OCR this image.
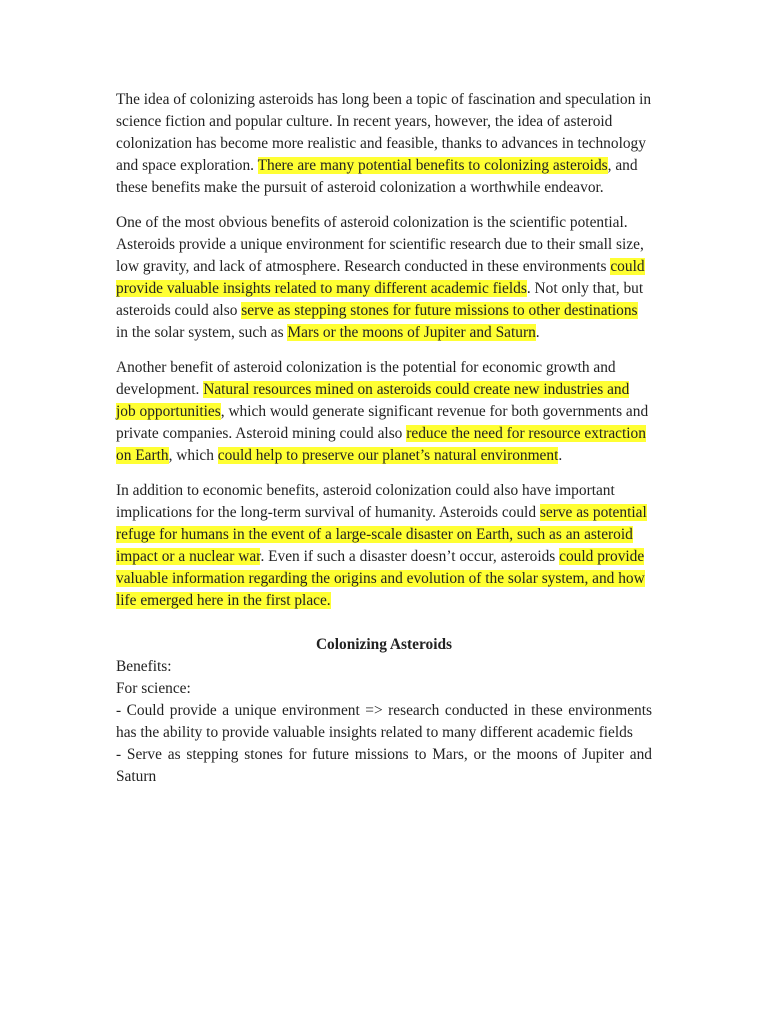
The idea of colonizing asteroids has long been a topic of fascination and speculation in science fiction and popular culture. In recent years, however, the idea of asteroid colonization has become more realistic and feasible, thanks to advances in technology and space exploration. There are many potential benefits to colonizing asteroids, and these benefits make the pursuit of asteroid colonization a worthwhile endeavor.

One of the most obvious benefits of asteroid colonization is the scientific potential. Asteroids provide a unique environment for scientific research due to their small size, low gravity, and lack of atmosphere. Research conducted in these environments could provide valuable insights related to many different academic fields. Not only that, but asteroids could also serve as stepping stones for future missions to other destinations in the solar system, such as Mars or the moons of Jupiter and Saturn.

Another benefit of asteroid colonization is the potential for economic growth and development. Natural resources mined on asteroids could create new industries and job opportunities, which would generate significant revenue for both governments and private companies. Asteroid mining could also reduce the need for resource extraction on Earth, which could help to preserve our planet’s natural environment.

In addition to economic benefits, asteroid colonization could also have important implications for the long-term survival of humanity. Asteroids could serve as potential refuge for humans in the event of a large-scale disaster on Earth, such as an asteroid impact or a nuclear war. Even if such a disaster doesn’t occur, asteroids could provide valuable information regarding the origins and evolution of the solar system, and how life emerged here in the first place.

Colonizing Asteroids

Benefits:

For science:

- Could provide a unique environment => research conducted in these environments has the ability to provide valuable insights related to many different academic fields

- Serve as stepping stones for future missions to Mars, or the moons of Jupiter and Saturn
